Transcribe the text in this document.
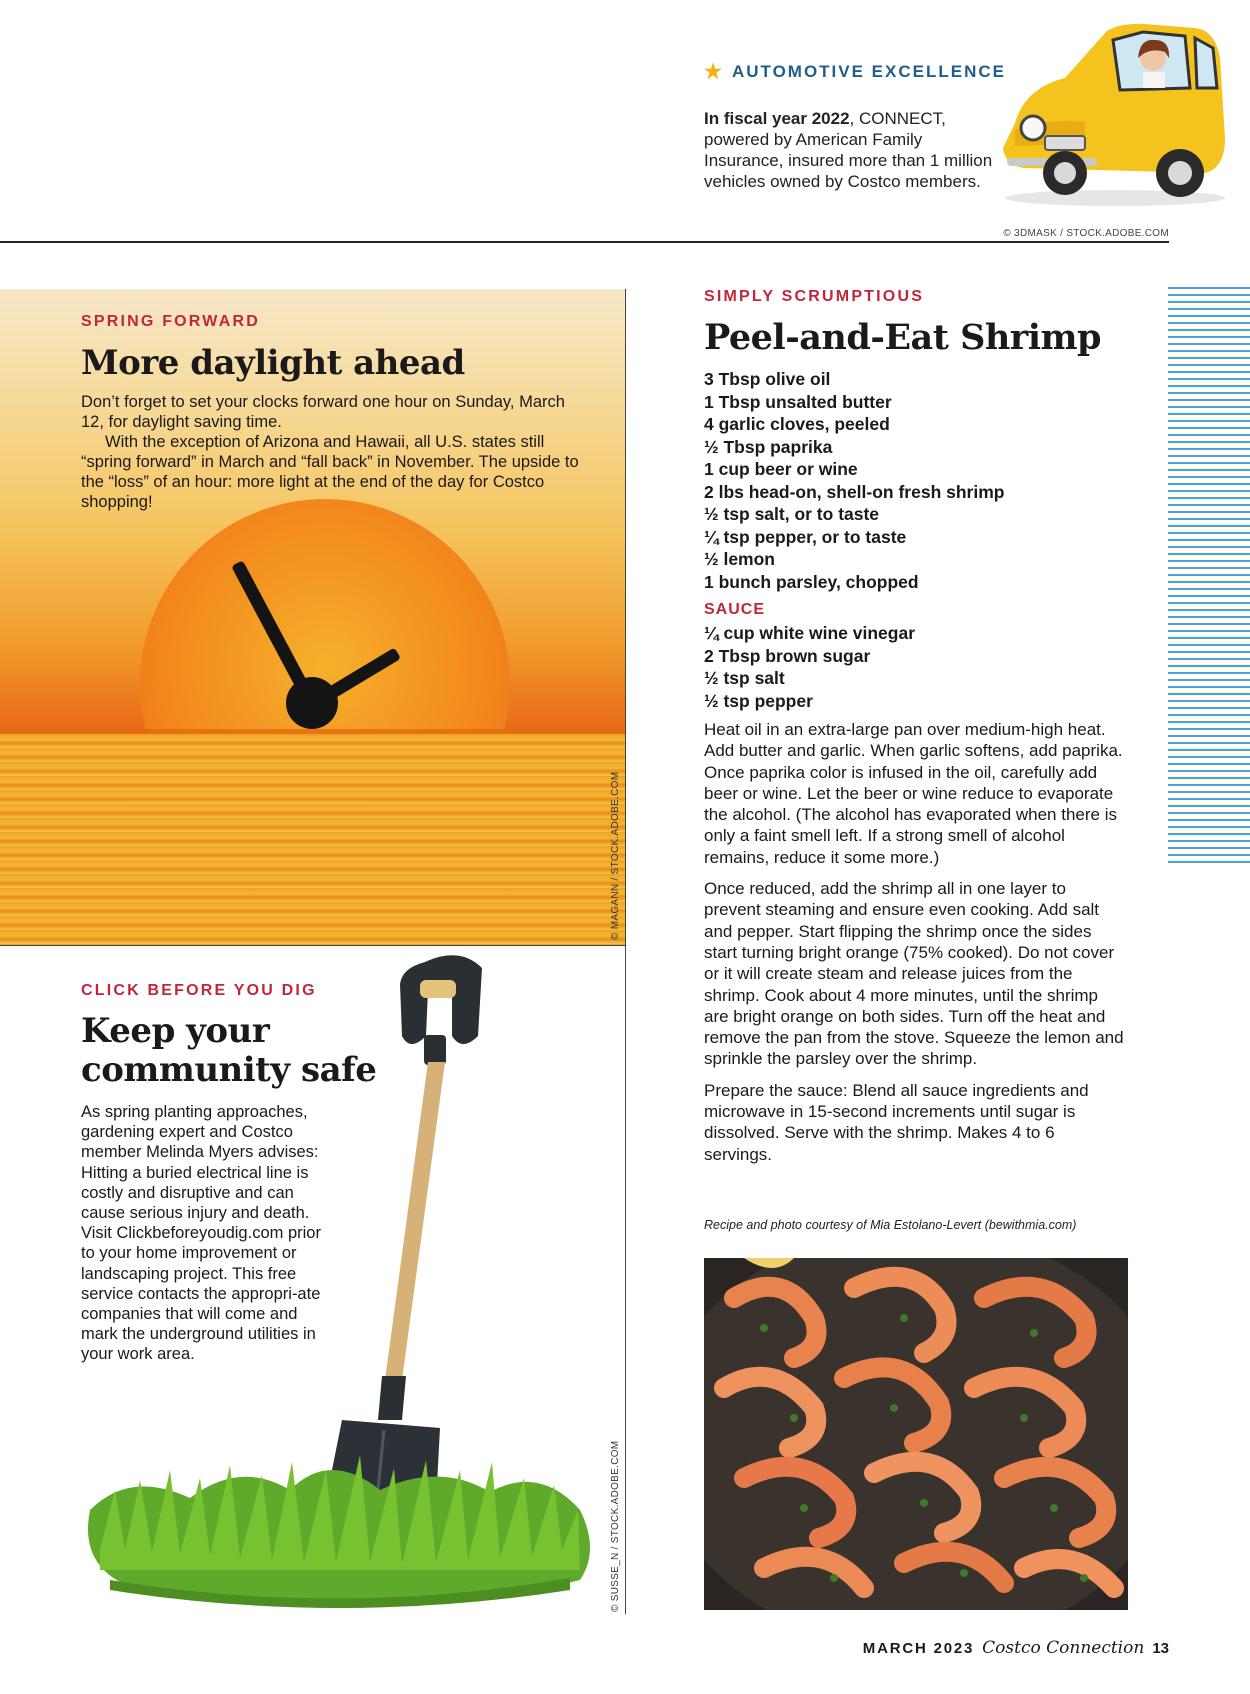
★ AUTOMOTIVE EXCELLENCE
In fiscal year 2022, CONNECT, powered by American Family Insurance, insured more than 1 million vehicles owned by Costco members.
© 3DMASK / STOCK.ADOBE.COM
SPRING FORWARD
More daylight ahead

Don’t forget to set your clocks forward one hour on Sunday, March 12, for daylight saving time.

With the exception of Arizona and Hawaii, all U.S. states still “spring forward” in March and “fall back” in November. The upside to the “loss” of an hour: more light at the end of the day for Costco shopping!

© MAGANN / STOCK.ADOBE.COM
CLICK BEFORE YOU DIG
Keep your
community safe
As spring planting approaches, gardening expert and Costco member Melinda Myers advises: Hitting a buried electrical line is costly and disruptive and can cause serious injury and death. Visit Clickbeforeyoudig.com prior to your home improvement or landscaping project. This free service contacts the appropri-ate companies that will come and mark the underground utilities in your work area.
© SUSSE_N / STOCK.ADOBE.COM
SIMPLY SCRUMPTIOUS
Peel-and-Eat Shrimp
3 Tbsp olive oil
1 Tbsp unsalted butter
4 garlic cloves, peeled
½ Tbsp paprika
1 cup beer or wine
2 lbs head-on, shell-on fresh shrimp
½ tsp salt, or to taste
¼ tsp pepper, or to taste
½ lemon
1 bunch parsley, chopped
SAUCE
¼ cup white wine vinegar
2 Tbsp brown sugar
½ tsp salt
½ tsp pepper

Heat oil in an extra-large pan over medium-high heat. Add butter and garlic. When garlic softens, add paprika. Once paprika color is infused in the oil, carefully add beer or wine. Let the beer or wine reduce to evaporate the alcohol. (The alcohol has evaporated when there is only a faint smell left. If a strong smell of alcohol remains, reduce it some more.)

Once reduced, add the shrimp all in one layer to prevent steaming and ensure even cooking. Add salt and pepper. Start flipping the shrimp once the sides start turning bright orange (75% cooked). Do not cover or it will create steam and release juices from the shrimp. Cook about 4 more minutes, until the shrimp are bright orange on both sides. Turn off the heat and remove the pan from the stove. Squeeze the lemon and sprinkle the parsley over the shrimp.

Prepare the sauce: Blend all sauce ingredients and microwave in 15-second increments until sugar is dissolved. Serve with the shrimp. Makes 4 to 6 servings.

Recipe and photo courtesy of Mia Estolano-Levert (bewithmia.com)
MARCH 2023 Costco Connection 13
